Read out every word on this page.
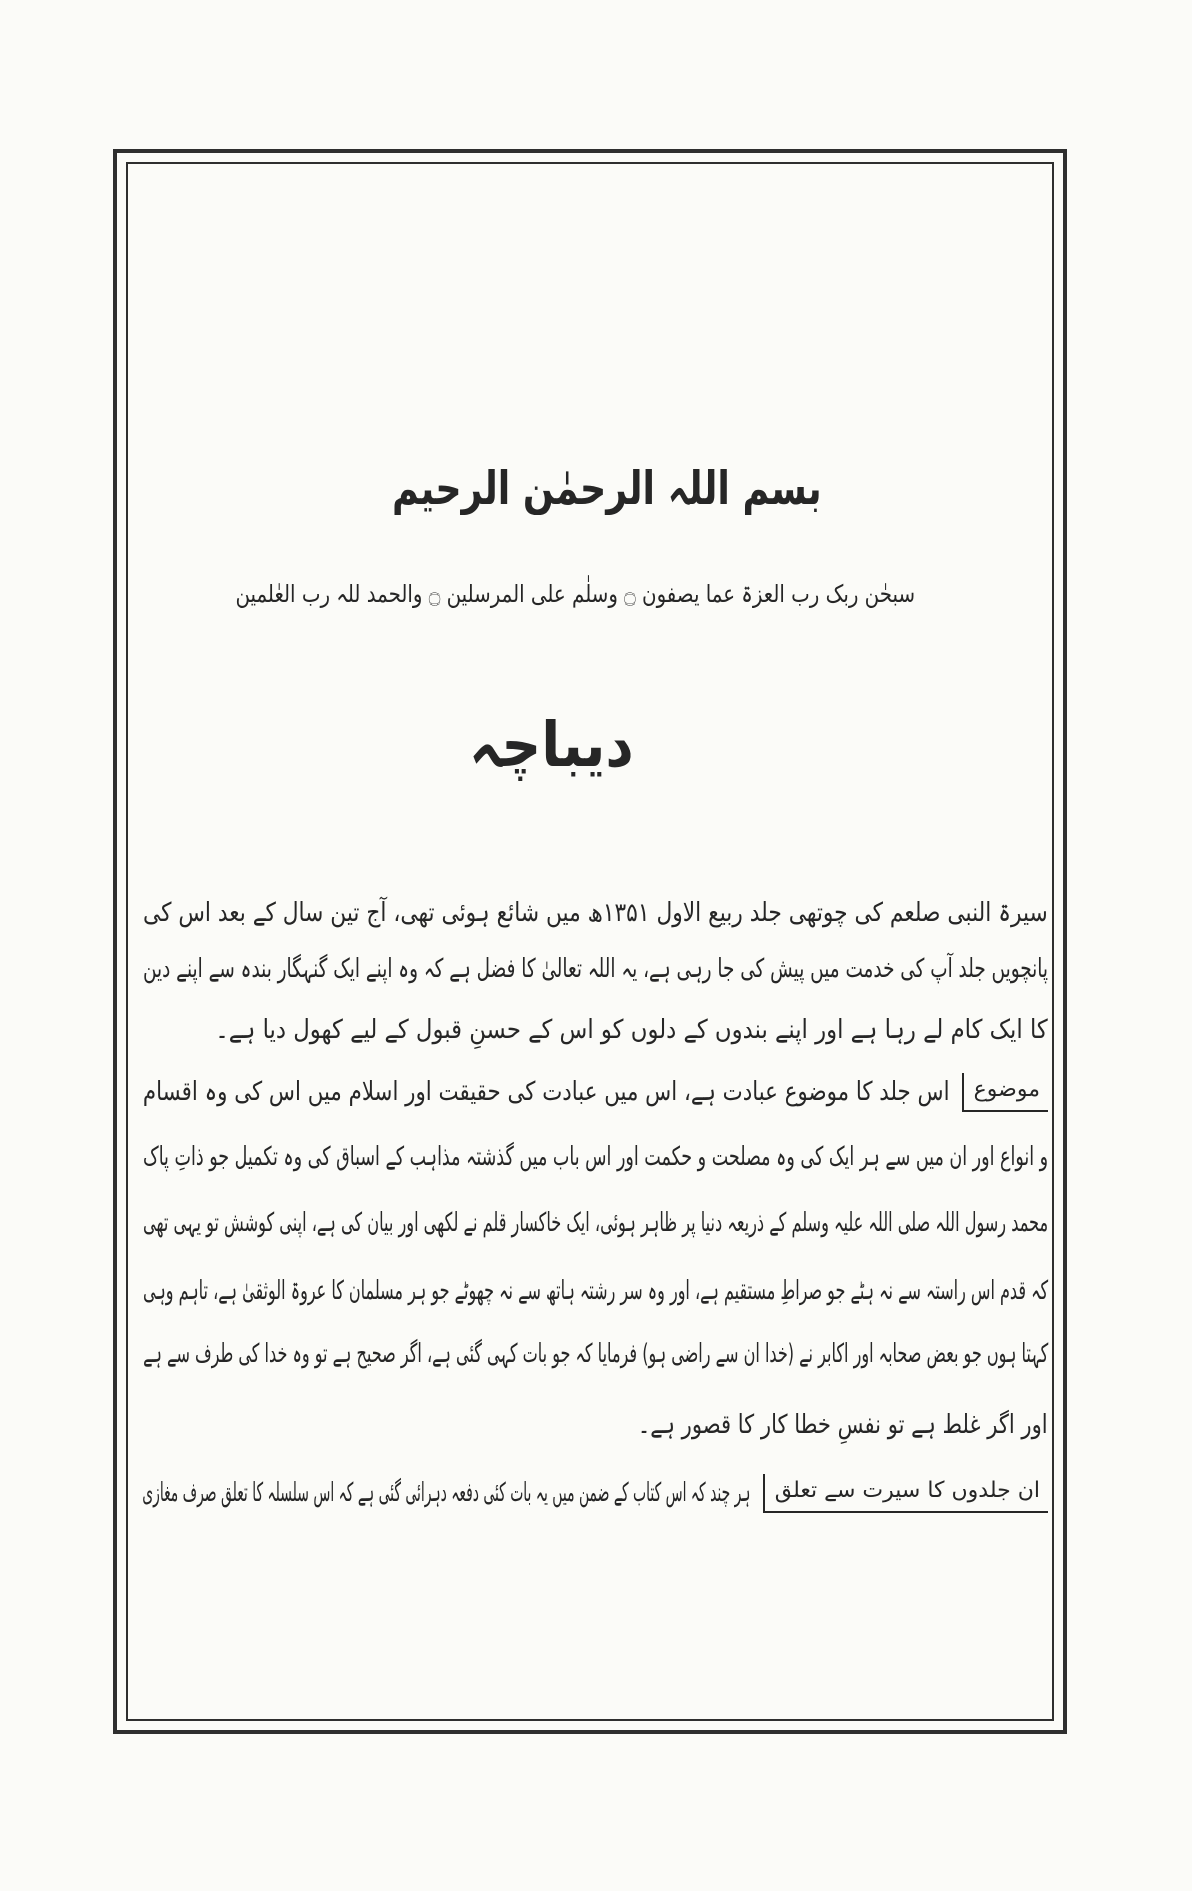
بسم اللہ الرحمٰن الرحیم
سبحٰن ربک رب العزۃ عما یصفون ۝ وسلٰم علی المرسلین ۝ والحمد للہ رب العٰلمین
دیباچہ
سیرۃ النبی صلعم کی چوتھی جلد ربیع الاول ۱۳۵۱ھ میں شائع ہوئی تھی، آج تین سال کے بعد اس کی
پانچویں جلد آپ کی خدمت میں پیش کی جا رہی ہے، یہ اللہ تعالیٰ کا فضل ہے کہ وہ اپنے ایک گنہگار بندہ سے اپنے دین
کا ایک کام لے رہا ہے اور اپنے بندوں کے دلوں کو اس کے حسنِ قبول کے لیے کھول دیا ہے۔
موضوع
اس جلد کا موضوع عبادت ہے، اس میں عبادت کی حقیقت اور اسلام میں اس کی وہ اقسام
و انواع اور ان میں سے ہر ایک کی وہ مصلحت و حکمت اور اس باب میں گذشتہ مذاہب کے اسباق کی وہ تکمیل جو ذاتِ پاک
محمد رسول اللہ صلی اللہ علیہ وسلم کے ذریعہ دنیا پر ظاہر ہوئی، ایک خاکسار قلم نے لکھی اور بیان کی ہے، اپنی کوشش تو یہی تھی
کہ قدم اس راستہ سے نہ ہٹے جو صراطِ مستقیم ہے، اور وہ سر رشتہ ہاتھ سے نہ چھوٹے جو ہر مسلمان کا عروۃ الوثقیٰ ہے، تاہم وہی
کہتا ہوں جو بعض صحابہ اور اکابر نے (خدا ان سے راضی ہو) فرمایا کہ جو بات کہی گئی ہے، اگر صحیح ہے تو وہ خدا کی طرف سے ہے
اور اگر غلط ہے تو نفسِ خطا کار کا قصور ہے۔
ان جلدوں کا سیرت سے تعلق
ہر چند کہ اس کتاب کے ضمن میں یہ بات کئی دفعہ دہرائی گئی ہے کہ اس سلسلہ کا تعلق صرف مغازی
